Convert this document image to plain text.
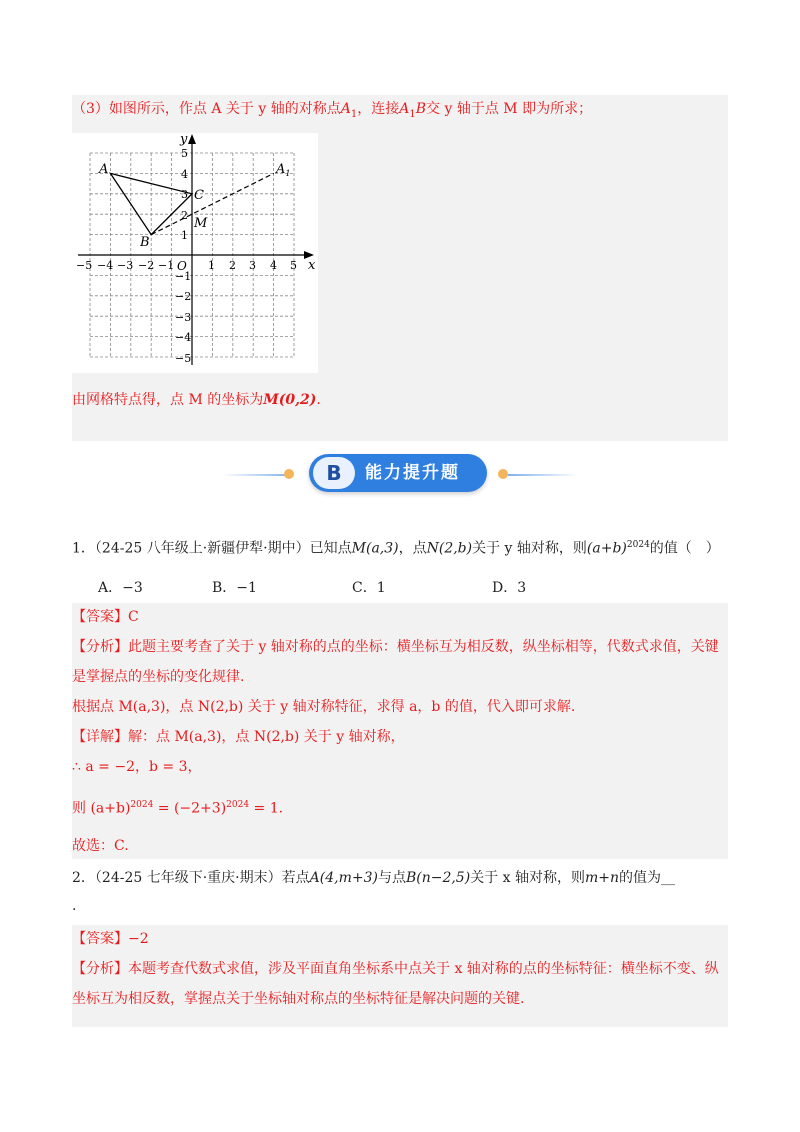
（3）如图所示，作点 A 关于 y 轴的对称点$A_1$，连接$A_1B$交 y 轴于点 M 即为所求；
x
y
O
−5 −4 −3 −2 −1	1 2 3 4 5
5
4
3
2
1
−1
−2
−3
−4
−5
A
B
C
M
$A_1$
由网格特点得，点 M 的坐标为M(0,2).
B	能力提升题
1．（24-25 八年级上·新疆伊犁·期中）已知点M(a,3)，点N(2,b)关于 y 轴对称，则$(a+b)^{2024}$的值（　）
A．−3	B．−1	C．1	D．3
【答案】C
【分析】此题主要考查了关于 y 轴对称的点的坐标：横坐标互为相反数，纵坐标相等，代数式求值，关键
是掌握点的坐标的变化规律.
根据点 M(a,3)，点 N(2,b) 关于 y 轴对称特征，求得 a，b 的值，代入即可求解.
【详解】解：点 M(a,3)，点 N(2,b) 关于 y 轴对称，
∴ a = −2，b = 3，
则 $(a+b)^{2024} = (-2+3)^{2024} = 1$.
故选：C.
2．（24-25 七年级下·重庆·期末）若点A(4,m+3)与点B(n−2,5)关于 x 轴对称，则m+n的值为__
.
【答案】−2
【分析】本题考查代数式求值，涉及平面直角坐标系中点关于 x 轴对称的点的坐标特征：横坐标不变、纵
坐标互为相反数，掌握点关于坐标轴对称点的坐标特征是解决问题的关键.
